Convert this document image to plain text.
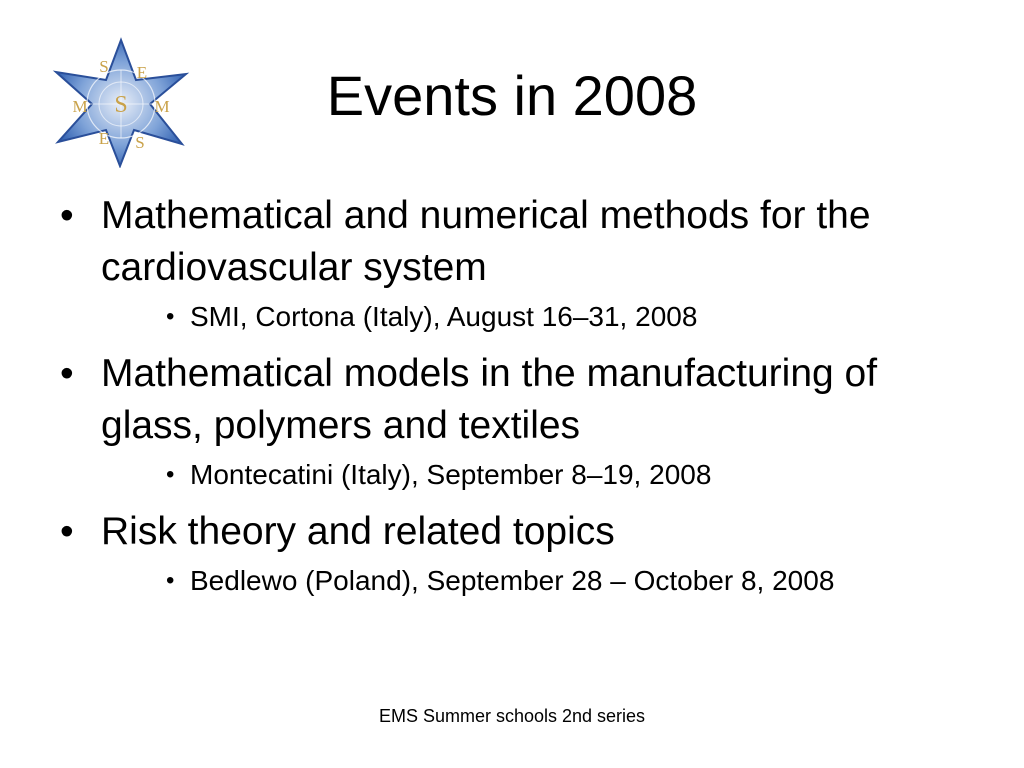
S E
M S M
E S
Events in 2008
• Mathematical and numerical methods for the cardiovascular system
• SMI, Cortona (Italy), August 16–31, 2008
• Mathematical models in the manufacturing of glass, polymers and textiles
• Montecatini (Italy), September 8–19, 2008
• Risk theory and related topics
• Bedlewo (Poland), September 28 – October 8, 2008
EMS Summer schools 2nd series
